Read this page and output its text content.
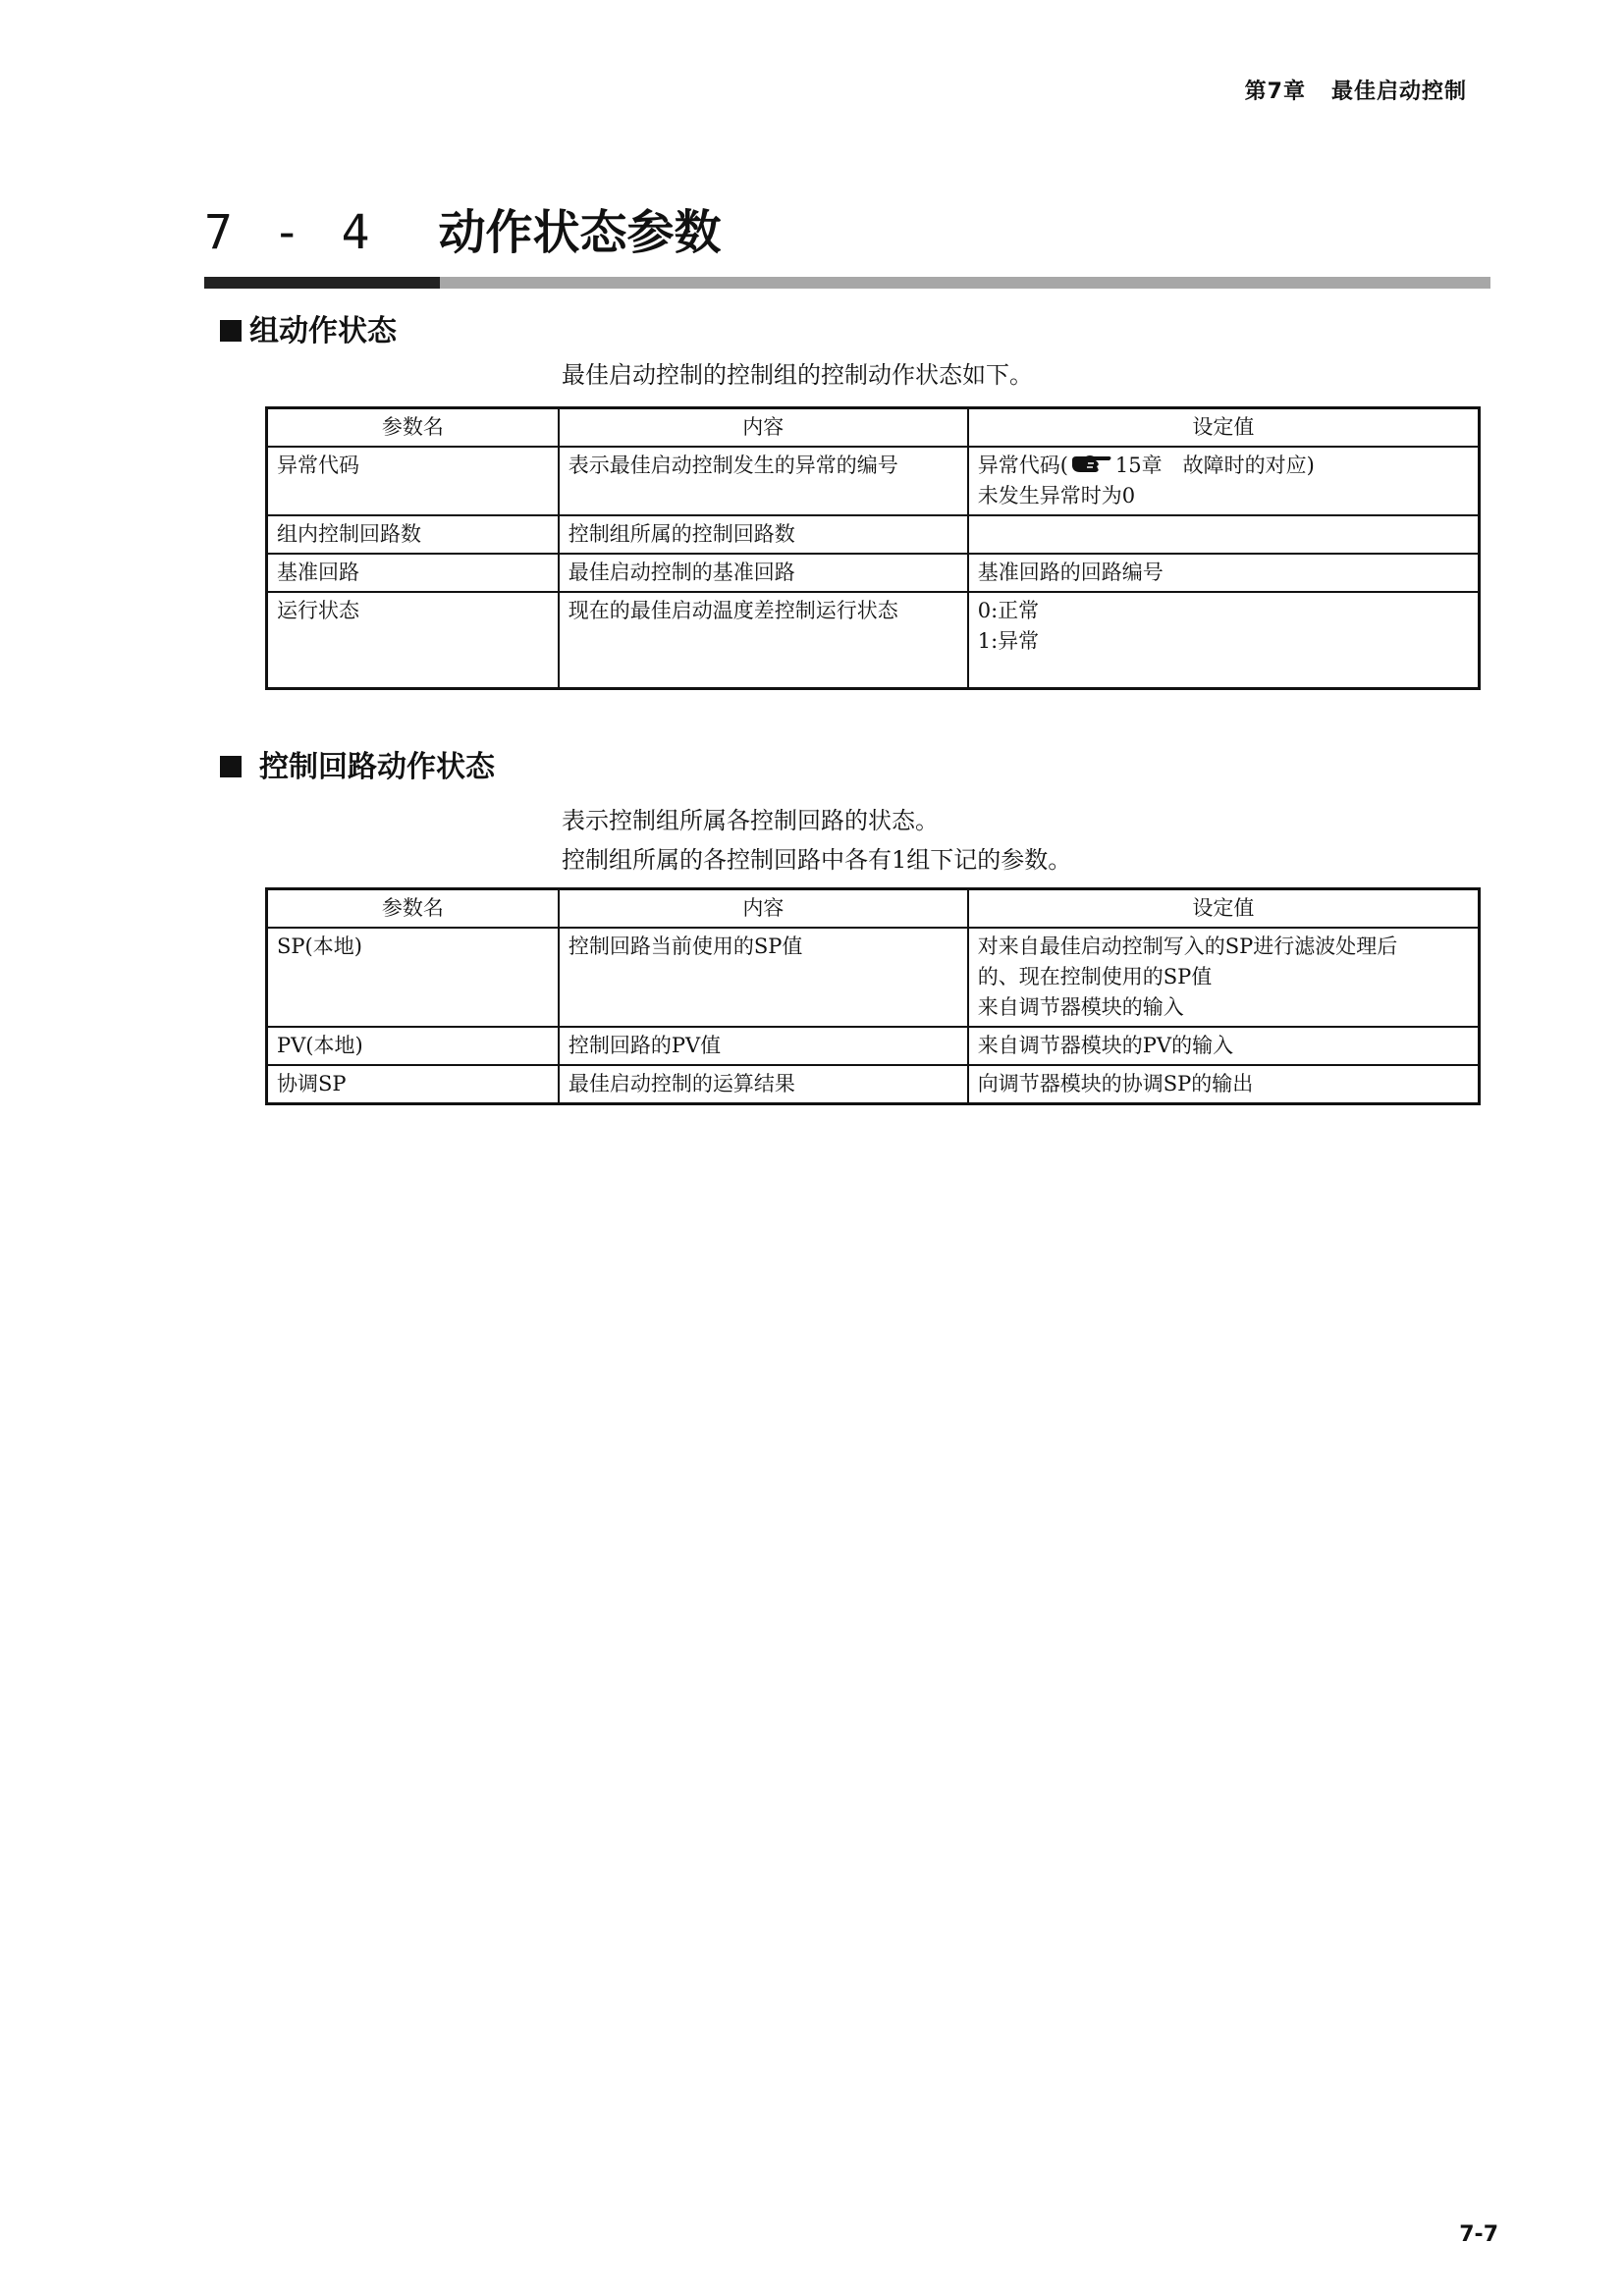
第7章 最佳启动控制
7 - 4 动作状态参数
组动作状态
最佳启动控制的控制组的控制动作状态如下。
参数名	内容	设定值
异常代码	表示最佳启动控制发生的异常的编号	异常代码( 15章　故障时的对应)
未发生异常时为0
组内控制回路数	控制组所属的控制回路数	
基准回路	最佳启动控制的基准回路	基准回路的回路编号
运行状态	现在的最佳启动温度差控制运行状态	0:正常
1:异常
控制回路动作状态
表示控制组所属各控制回路的状态。
控制组所属的各控制回路中各有1组下记的参数。
参数名	内容	设定值
SP(本地)	控制回路当前使用的SP值	对来自最佳启动控制写入的SP进行滤波处理后
的、现在控制使用的SP值
来自调节器模块的输入
PV(本地)	控制回路的PV值	来自调节器模块的PV的输入
协调SP	最佳启动控制的运算结果	向调节器模块的协调SP的输出
7-7
